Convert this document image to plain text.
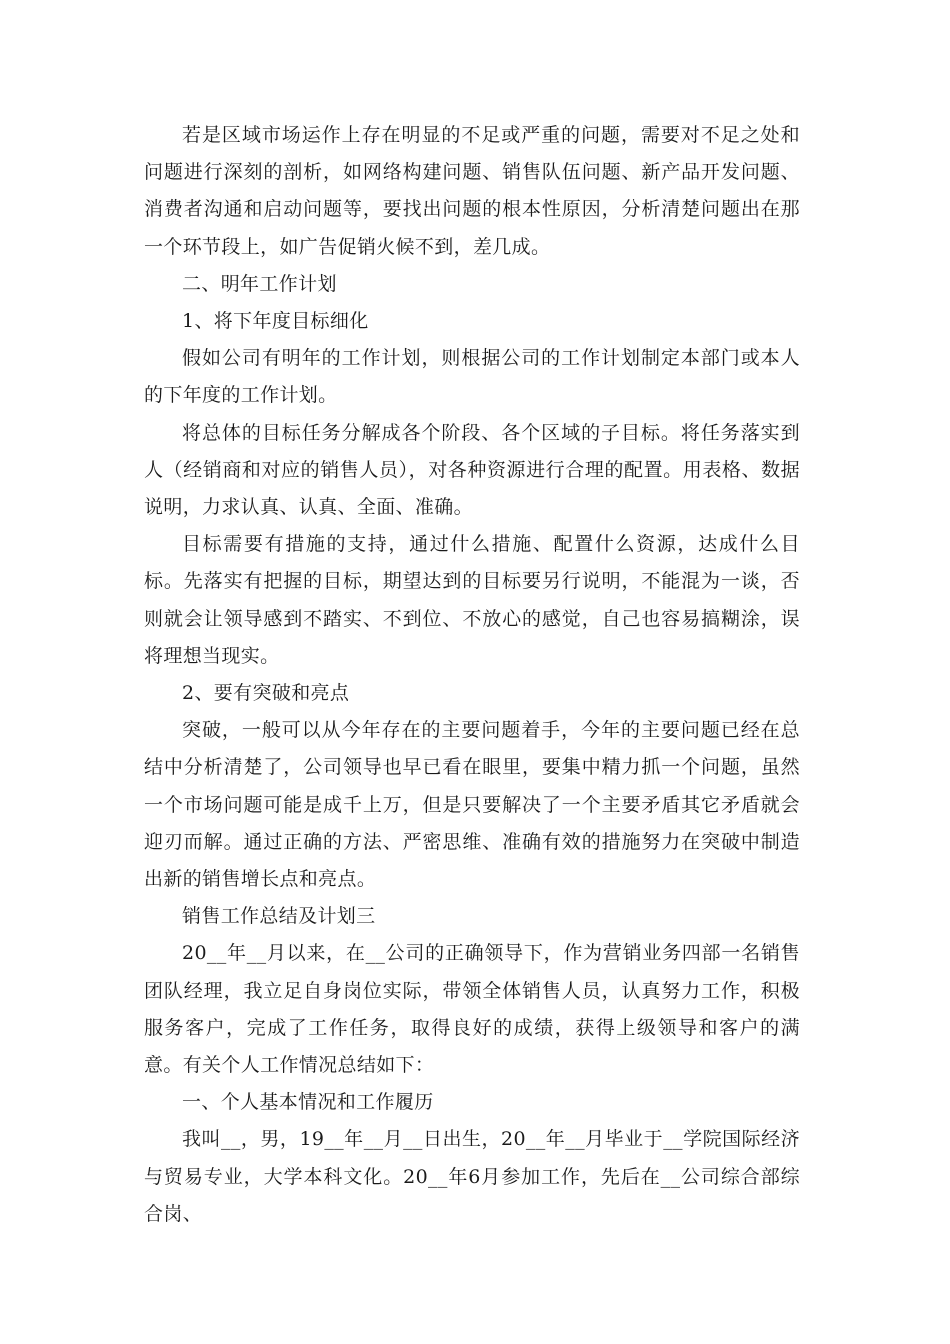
若是区域市场运作上存在明显的不足或严重的问题，需要对不足之处和问题进行深刻的剖析，如网络构建问题、销售队伍问题、新产品开发问题、消费者沟通和启动问题等，要找出问题的根本性原因，分析清楚问题出在那一个环节段上，如广告促销火候不到，差几成。

二、明年工作计划

1、将下年度目标细化

假如公司有明年的工作计划，则根据公司的工作计划制定本部门或本人的下年度的工作计划。

将总体的目标任务分解成各个阶段、各个区域的子目标。将任务落实到人（经销商和对应的销售人员），对各种资源进行合理的配置。用表格、数据说明，力求认真、认真、全面、准确。

目标需要有措施的支持，通过什么措施、配置什么资源，达成什么目标。先落实有把握的目标，期望达到的目标要另行说明，不能混为一谈，否则就会让领导感到不踏实、不到位、不放心的感觉，自己也容易搞糊涂，误将理想当现实。

2、要有突破和亮点

突破，一般可以从今年存在的主要问题着手，今年的主要问题已经在总结中分析清楚了，公司领导也早已看在眼里，要集中精力抓一个问题，虽然一个市场问题可能是成千上万，但是只要解决了一个主要矛盾其它矛盾就会迎刃而解。通过正确的方法、严密思维、准确有效的措施努力在突破中制造出新的销售增长点和亮点。

销售工作总结及计划三

20__年__月以来，在__公司的正确领导下，作为营销业务四部一名销售团队经理，我立足自身岗位实际，带领全体销售人员，认真努力工作，积极服务客户，完成了工作任务，取得良好的成绩，获得上级领导和客户的满意。有关个人工作情况总结如下：

一、个人基本情况和工作履历

我叫__，男，19__年__月__日出生，20__年__月毕业于__学院国际经济与贸易专业，大学本科文化。20__年6月参加工作，先后在__公司综合部综合岗、
